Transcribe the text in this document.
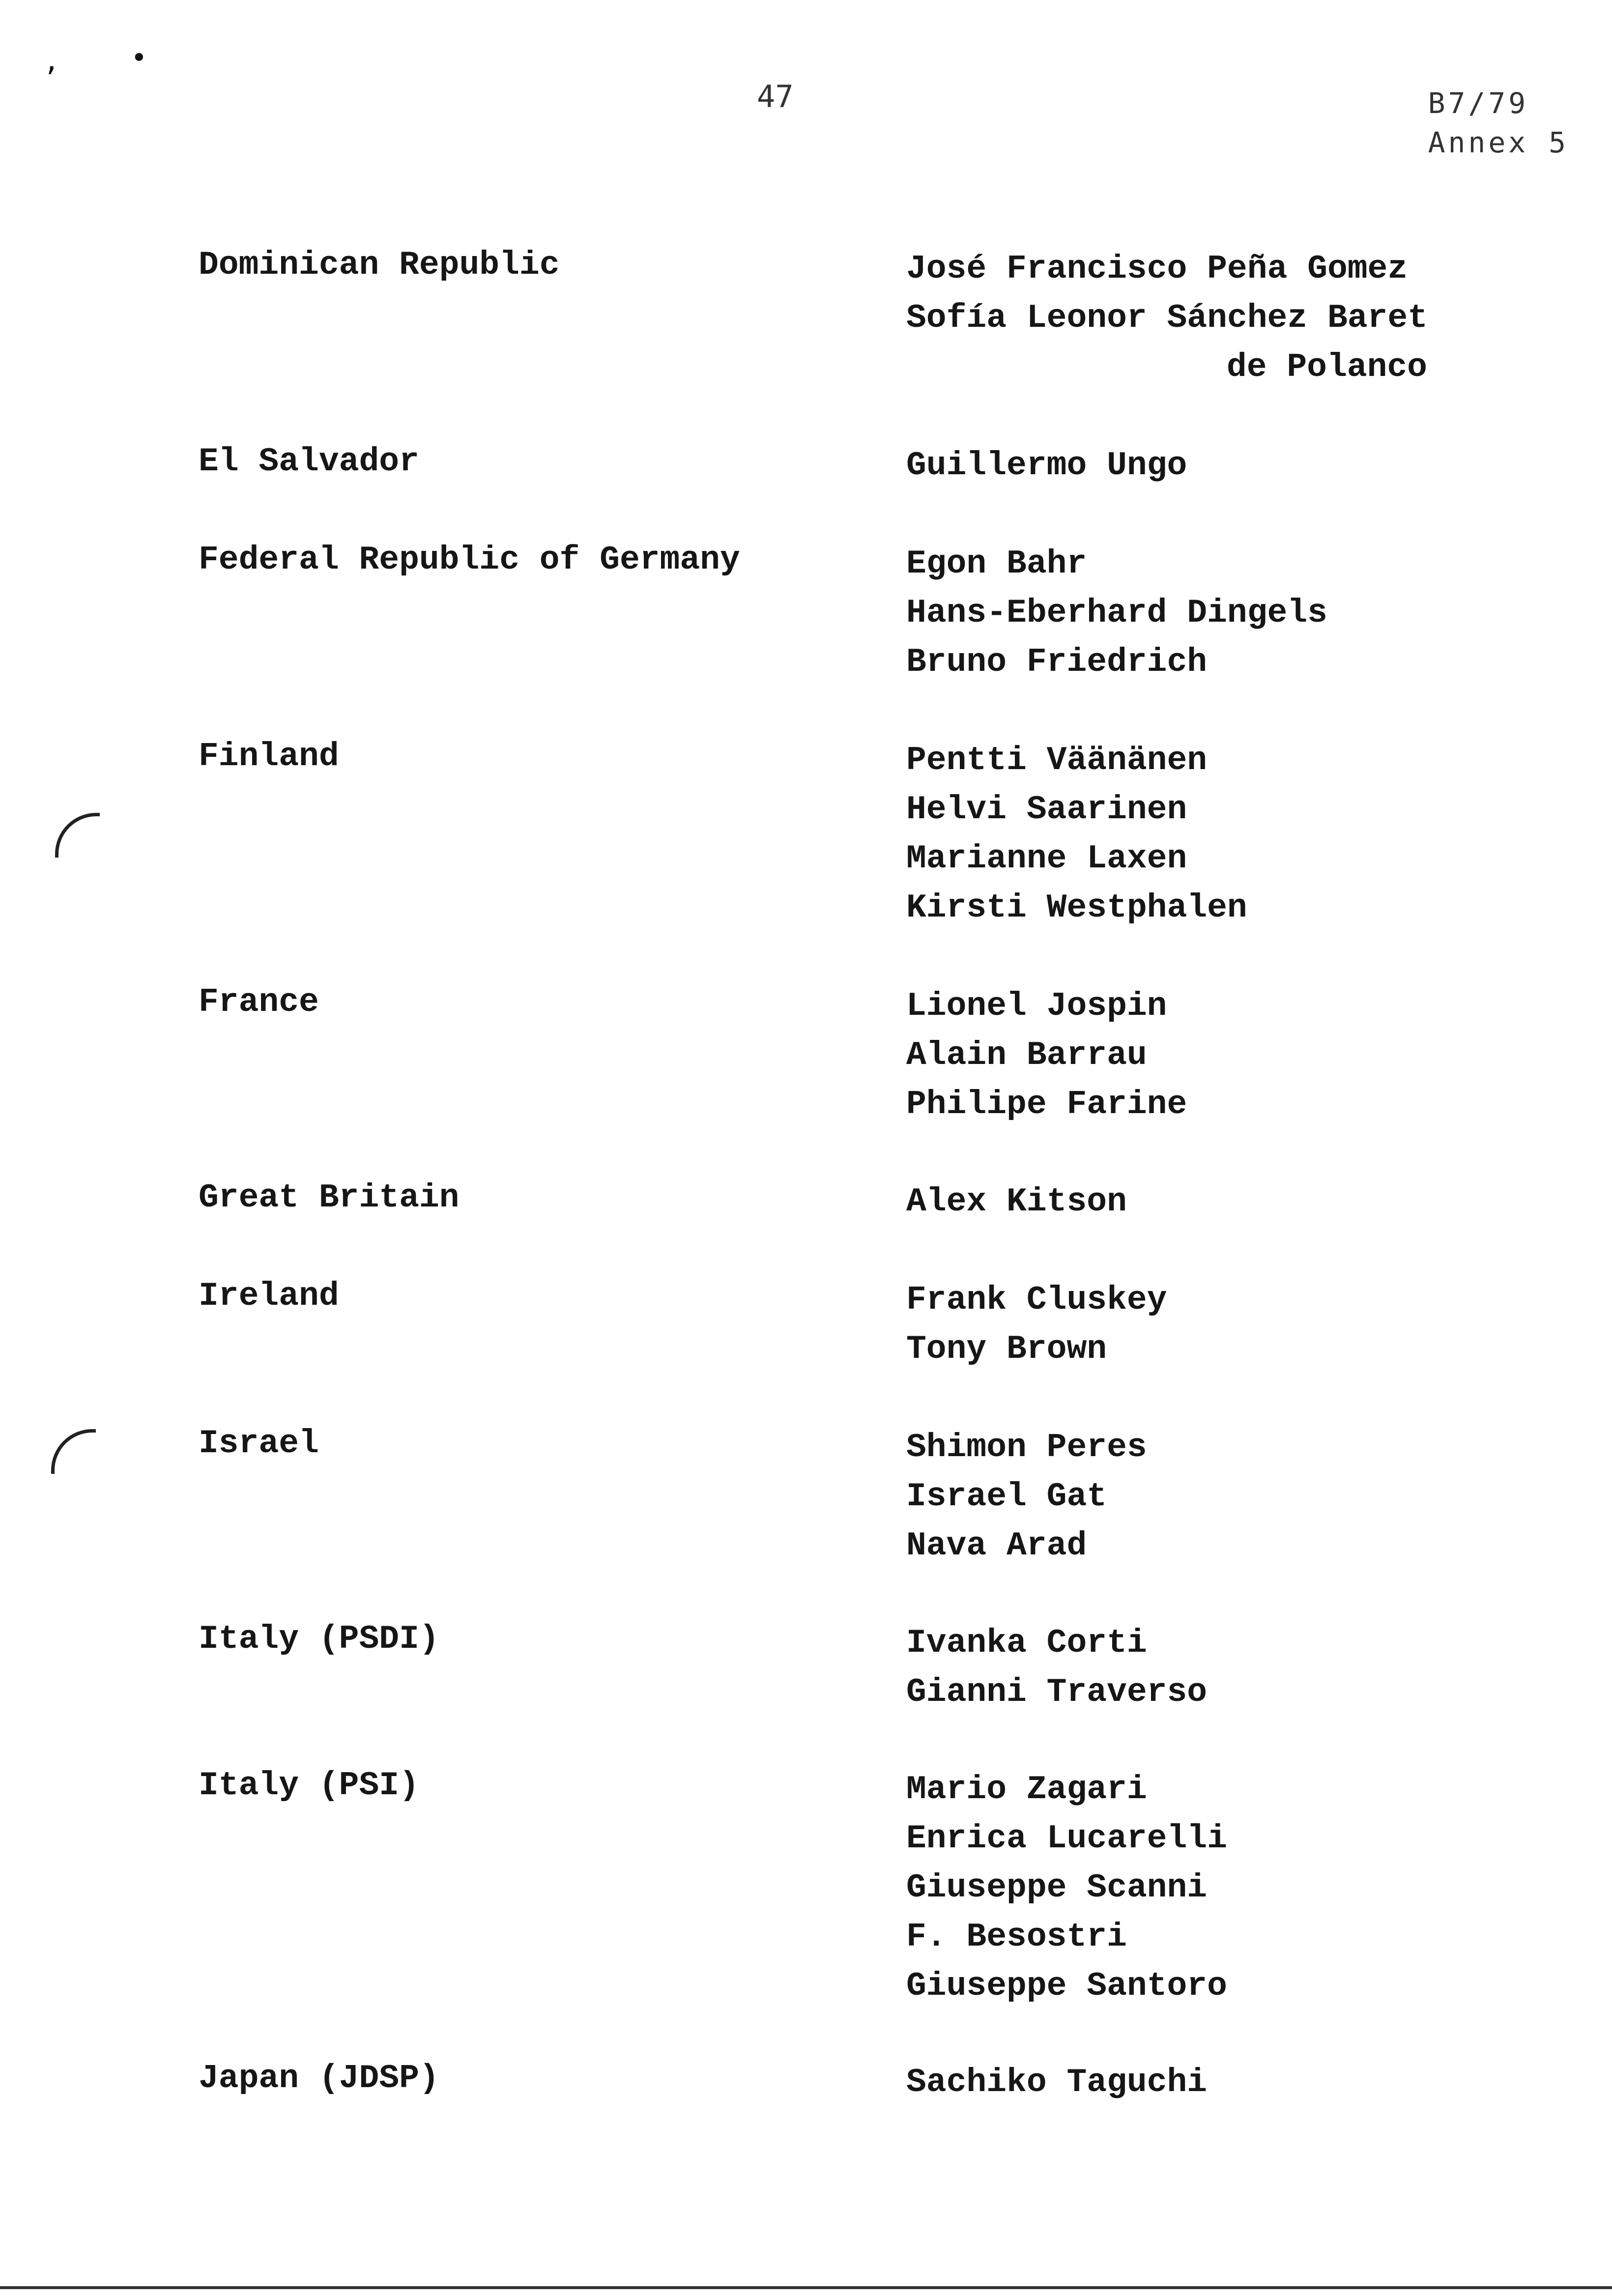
,	•
47	B7/79
Annex 5
Dominican Republic	José Francisco Peña Gomez
Sofía Leonor Sánchez Baret
de Polanco
El Salvador	Guillermo Ungo
Federal Republic of Germany	Egon Bahr
Hans-Eberhard Dingels
Bruno Friedrich
Finland	Pentti Väänänen
Helvi Saarinen
Marianne Laxen
Kirsti Westphalen
France	Lionel Jospin
Alain Barrau
Philipe Farine
Great Britain	Alex Kitson
Ireland	Frank Cluskey
Tony Brown
Israel	Shimon Peres
Israel Gat
Nava Arad
Italy (PSDI)	Ivanka Corti
Gianni Traverso
Italy (PSI)	Mario Zagari
Enrica Lucarelli
Giuseppe Scanni
F. Besostri
Giuseppe Santoro
Japan (JDSP)	Sachiko Taguchi
